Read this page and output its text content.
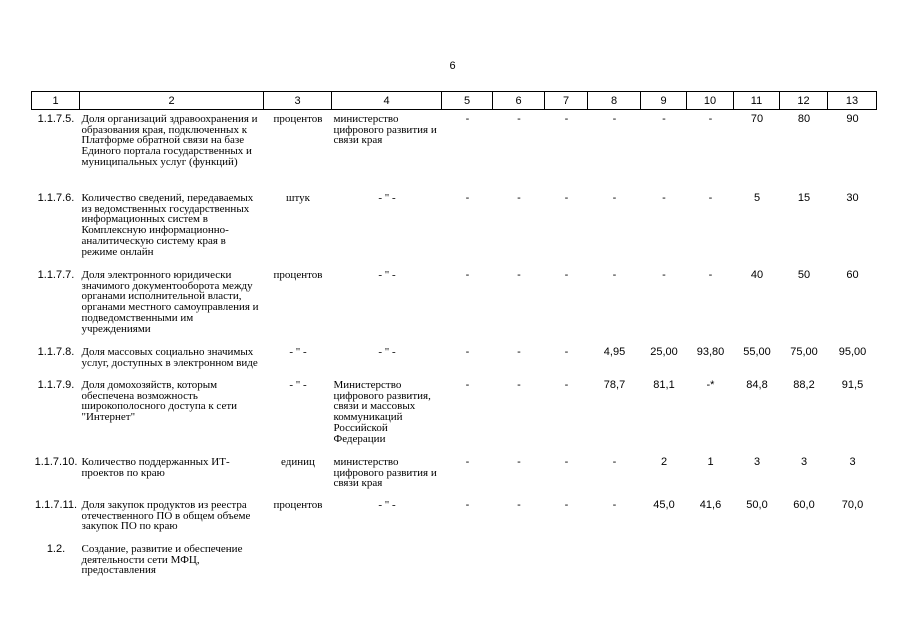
6
1	2	3	4	5	6	7	8	9	10	11	12	13
1.1.7.5.	Доля организаций здравоохранения и образования края, подключенных к Платформе обратной связи на базе Единого портала государственных и муниципальных услуг (функций)	процентов	министерство цифрового развития и связи края	-	-	-	-	-	-	70	80	90
1.1.7.6.	Количество сведений, передаваемых из ведомственных государственных информационных систем в Комплексную информационно-аналитическую систему края в режиме онлайн	штук	- " -	-	-	-	-	-	-	5	15	30
1.1.7.7.	Доля электронного юридически значимого документооборота между органами исполнительной власти, органами местного самоуправления и подведомственными им учреждениями	процентов	- " -	-	-	-	-	-	-	40	50	60
1.1.7.8.	Доля массовых социально значимых услуг, доступных в электронном виде	- " -	- " -	-	-	-	4,95	25,00	93,80	55,00	75,00	95,00
1.1.7.9.	Доля домохозяйств, которым обеспечена возможность широкополосного доступа к сети "Интернет"	- " -	Министерство цифрового развития, связи и массовых коммуникаций Российской Федерации	-	-	-	78,7	81,1	-*	84,8	88,2	91,5
1.1.7.10.	Количество поддержанных ИТ-проектов по краю	единиц	министерство цифрового развития и связи края	-	-	-	-	2	1	3	3	3
1.1.7.11.	Доля закупок продуктов из реестра отечественного ПО в общем объеме закупок ПО по краю	процентов	- " -	-	-	-	-	45,0	41,6	50,0	60,0	70,0
1.2.	Создание, развитие и обеспечение деятельности сети МФЦ, предоставления											
